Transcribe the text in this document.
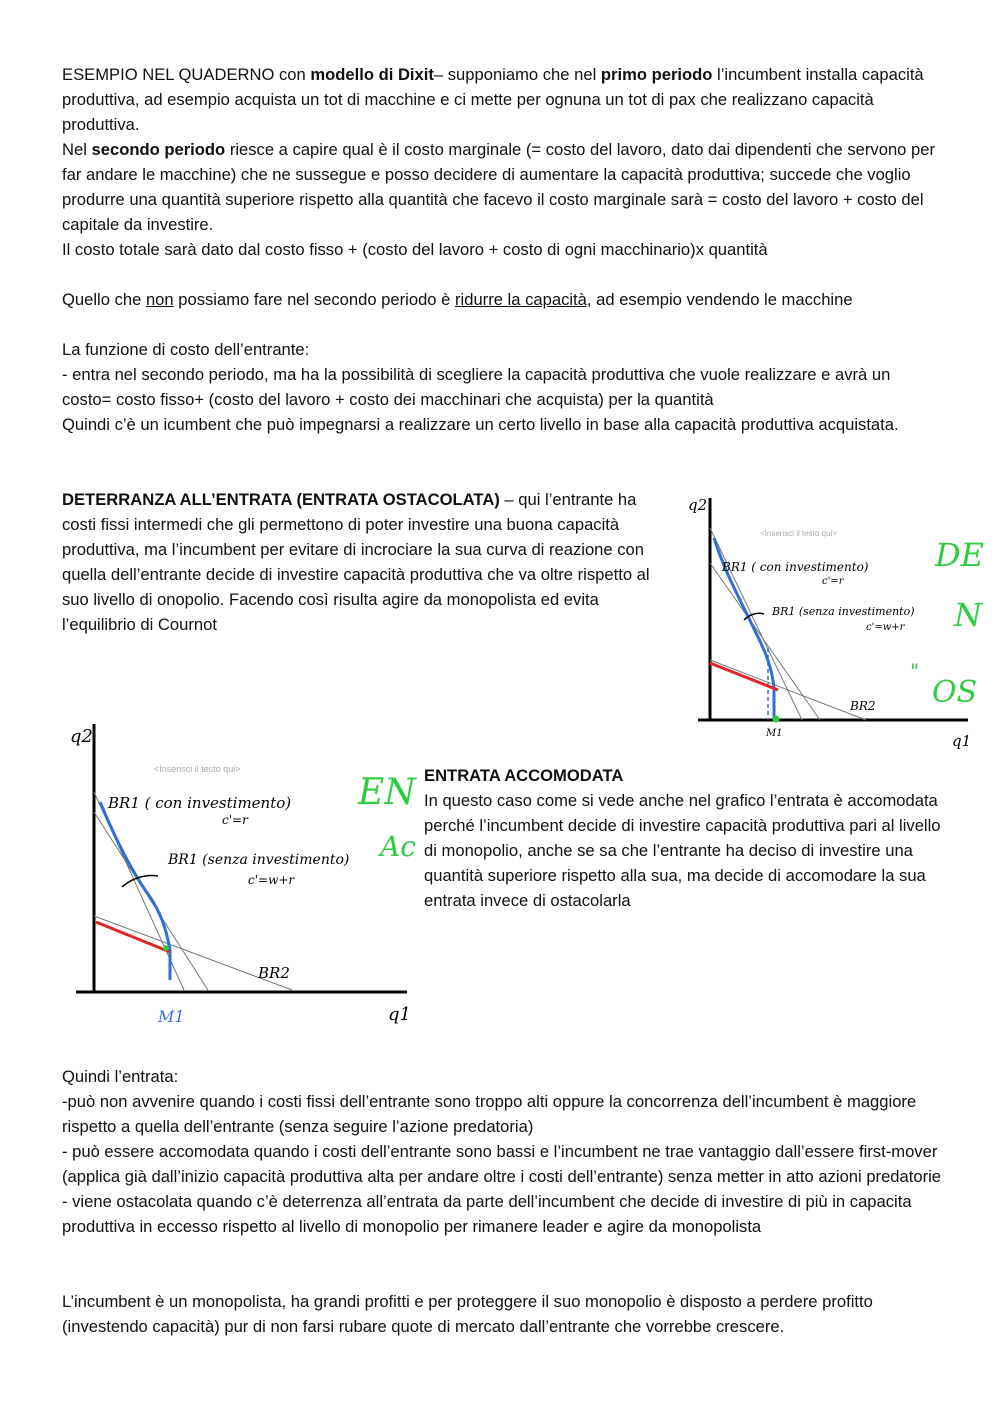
ESEMPIO NEL QUADERNO con modello di Dixit– supponiamo che nel primo periodo l’incumbent installa capacità produttiva, ad esempio acquista un tot di macchine e ci mette per ognuna un tot di pax che realizzano capacità produttiva.

Nel secondo periodo riesce a capire qual è il costo marginale (= costo del lavoro, dato dai dipendenti che servono per far andare le macchine) che ne sussegue e posso decidere di aumentare la capacità produttiva; succede che voglio produrre una quantità superiore rispetto alla quantità che facevo il costo marginale sarà = costo del lavoro + costo del capitale da investire.

Il costo totale sarà dato dal costo fisso + (costo del lavoro + costo di ogni macchinario)x quantità

Quello che non possiamo fare nel secondo periodo è ridurre la capacità, ad esempio vendendo le macchine

La funzione di costo dell’entrante:

- entra nel secondo periodo, ma ha la possibilità di scegliere la capacità produttiva che vuole realizzare e avrà un costo= costo fisso+ (costo del lavoro + costo dei macchinari che acquista) per la quantità

Quindi c’è un icumbent che può impegnarsi a realizzare un certo livello in base alla capacità produttiva acquistata.

DETERRANZA ALL’ENTRATA (ENTRATA OSTACOLATA) – qui l’entrante ha costi fissi intermedi che gli permettono di poter investire una buona capacità produttiva, ma l’incumbent per evitare di incrociare la sua curva di reazione con quella dell’entrante decide di investire capacità produttiva che va oltre rispetto al suo livello di onopolio. Facendo così risulta agire da monopolista ed evita l’equilibrio di Cournot

q2
q1
<Inserisci il testo qui>
BR1 ( con investimento)
c'=r
BR1 (senza investimento)
c'=w+r
BR2
M1
DE
N
"
OS
q2
q1
<Inserisci il testo qui>
BR1 ( con investimento)
c'=r
BR1 (senza investimento)
c'=w+r
BR2
M1
EN
Ac

ENTRATA ACCOMODATA
In questo caso come si vede anche nel grafico l’entrata è accomodata perché l’incumbent decide di investire capacità produttiva pari al livello di monopolio, anche se sa che l’entrante ha deciso di investire una quantità superiore rispetto alla sua, ma decide di accomodare la sua entrata invece di ostacolarla

Quindi l’entrata:

-può non avvenire quando i costi fissi dell’entrante sono troppo alti oppure la concorrenza dell’incumbent è maggiore rispetto a quella dell’entrante (senza seguire l’azione predatoria)

- può essere accomodata quando i costi dell’entrante sono bassi e l’incumbent ne trae vantaggio dall’essere first-mover (applica già dall’inizio capacità produttiva alta per andare oltre i costi dell’entrante) senza metter in atto azioni predatorie

- viene ostacolata quando c’è deterrenza all’entrata da parte dell’incumbent che decide di investire di più in capacita produttiva in eccesso rispetto al livello di monopolio per rimanere leader e agire da monopolista

L’incumbent è un monopolista, ha grandi profitti e per proteggere il suo monopolio è disposto a perdere profitto (investendo capacità) pur di non farsi rubare quote di mercato dall’entrante che vorrebbe crescere.
